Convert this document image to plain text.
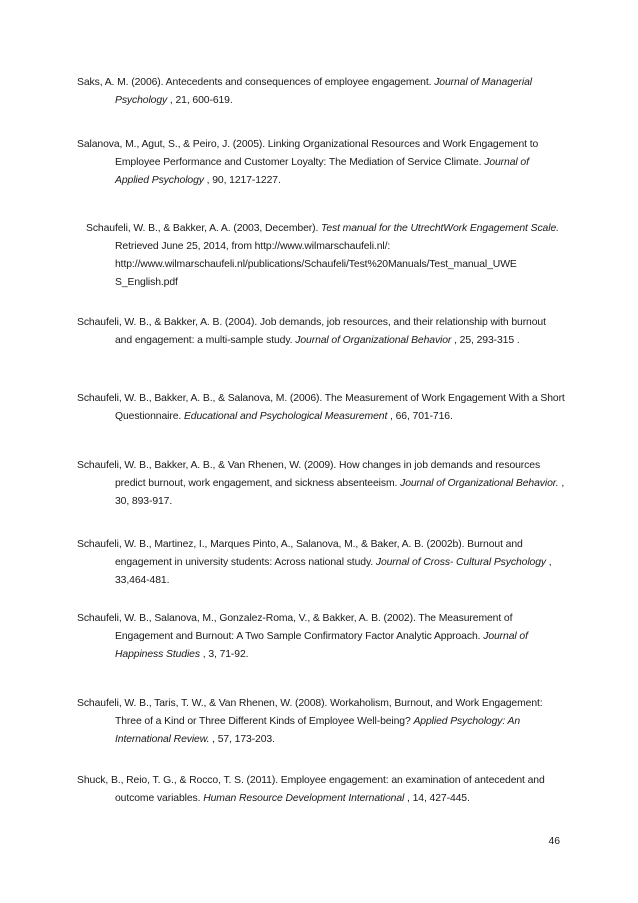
Saks, A. M. (2006). Antecedents and consequences of employee engagement. Journal of Managerial Psychology , 21, 600-619.

Salanova, M., Agut, S., & Peiro, J. (2005). Linking Organizational Resources and Work Engagement to Employee Performance and Customer Loyalty: The Mediation of Service Climate. Journal of Applied Psychology , 90, 1217-1227.

Schaufeli, W. B., & Bakker, A. A. (2003, December). Test manual for the UtrechtWork Engagement Scale. Retrieved June 25, 2014, from http://www.wilmarschaufeli.nl/: http://www.wilmarschaufeli.nl/publications/Schaufeli/Test%20Manuals/Test_manual_UWE S_English.pdf

Schaufeli, W. B., & Bakker, A. B. (2004). Job demands, job resources, and their relationship with burnout and engagement: a multi-sample study. Journal of Organizational Behavior , 25, 293-315 .

Schaufeli, W. B., Bakker, A. B., & Salanova, M. (2006). The Measurement of Work Engagement With a Short Questionnaire. Educational and Psychological Measurement , 66, 701-716.

Schaufeli, W. B., Bakker, A. B., & Van Rhenen, W. (2009). How changes in job demands and resources predict burnout, work engagement, and sickness absenteeism. Journal of Organizational Behavior. , 30, 893-917.

Schaufeli, W. B., Martinez, I., Marques Pinto, A., Salanova, M., & Baker, A. B. (2002b). Burnout and engagement in university students: Across national study. Journal of Cross- Cultural Psychology , 33,464-481.

Schaufeli, W. B., Salanova, M., Gonzalez-Roma, V., & Bakker, A. B. (2002). The Measurement of Engagement and Burnout: A Two Sample Confirmatory Factor Analytic Approach. Journal of Happiness Studies , 3, 71-92.

Schaufeli, W. B., Taris, T. W., & Van Rhenen, W. (2008). Workaholism, Burnout, and Work Engagement: Three of a Kind or Three Different Kinds of Employee Well-being? Applied Psychology: An International Review. , 57, 173-203.

Shuck, B., Reio, T. G., & Rocco, T. S. (2011). Employee engagement: an examination of antecedent and outcome variables. Human Resource Development International , 14, 427-445.

46
